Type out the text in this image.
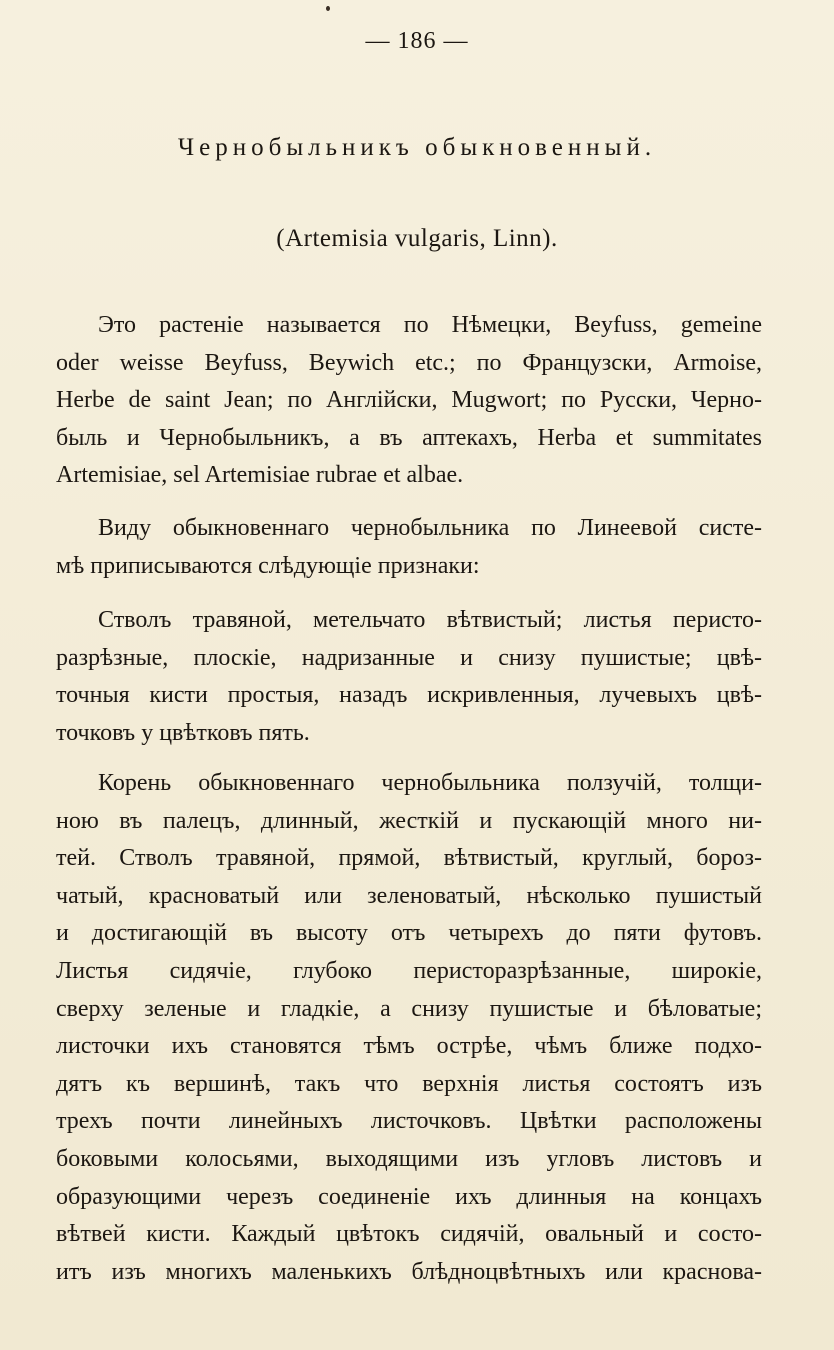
— 186 —
Чернобыльникъ обыкновенный.
(Artemisia vulgaris, Linn).

Это растеніе называется по Нѣмецки, Beyfuss, gemeine
oder weisse Beyfuss, Beywich etc.; по Французски, Armoise,
Herbe de saint Jean; по Англійски, Mugwort; по Русски, Черно-
быль и Чернобыльникъ, а въ аптекахъ, Herba et summitates
Artemisiae, sel Artemisiae rubrae et albae.

Виду обыкновеннаго чернобыльника по Линеевой систе-
мѣ приписываются слѣдующіе признаки:

Стволъ травяной, метельчато вѣтвистый; листья перисто-
разрѣзные, плоскіе, надризанные и снизу пушистые; цвѣ-
точныя кисти простыя, назадъ искривленныя, лучевыхъ цвѣ-
точковъ у цвѣтковъ пять.

Корень обыкновеннаго чернобыльника ползучій, толщи-
ною въ палецъ, длинный, жесткій и пускающій много ни-
тей. Стволъ травяной, прямой, вѣтвистый, круглый, бороз-
чатый, красноватый или зеленоватый, нѣсколько пушистый
и достигающій въ высоту отъ четырехъ до пяти футовъ.
Листья сидячіе, глубоко перисторазрѣзанные, широкіе,
сверху зеленые и гладкіе, а снизу пушистые и бѣловатые;
листочки ихъ становятся тѣмъ острѣе, чѣмъ ближе подхо-
дятъ къ вершинѣ, такъ что верхнія листья состоятъ изъ
трехъ почти линейныхъ листочковъ. Цвѣтки расположены
боковыми колосьями, выходящими изъ угловъ листовъ и
образующими черезъ соединеніе ихъ длинныя на концахъ
вѣтвей кисти. Каждый цвѣтокъ сидячій, овальный и состо-
итъ изъ многихъ маленькихъ блѣдноцвѣтныхъ или краснова-
